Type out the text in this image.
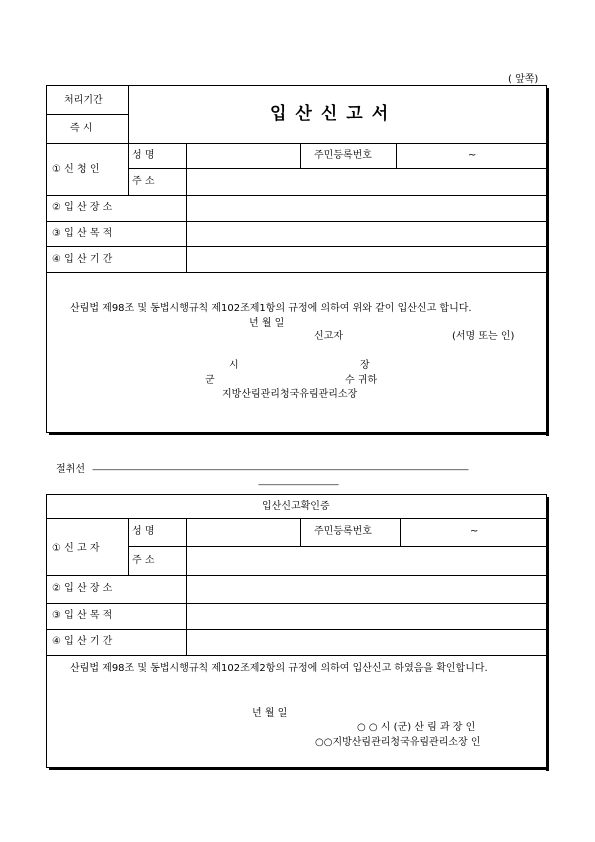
( 앞쪽)
처리기간
즉 시
입산신고서
① 신 청 인
성 명	주민등록번호	~
주 소
② 입 산 장 소
③ 입 산 목 적
④ 입 산 기 간
산림법 제98조 및 동법시행규칙 제102조제1항의 규정에 의하여 위와 같이 입산신고 합니다.
년 월 일
신고자	(서명 또는 인)
시	장
군	수 귀하
지방산림관리청국유림관리소장
절취선 ———————————————————————————————————————————————
——————————
입산신고확인증
① 신 고 자
성 명	주민등록번호	~
주 소
② 입 산 장 소
③ 입 산 목 적
④ 입 산 기 간
산림법 제98조 및 동법시행규칙 제102조제2항의 규정에 의하여 입산신고 하였음을 확인합니다.
년 월 일
○ ○ 시 (군) 산 림 과 장 인
○○지방산림관리청국유림관리소장 인
